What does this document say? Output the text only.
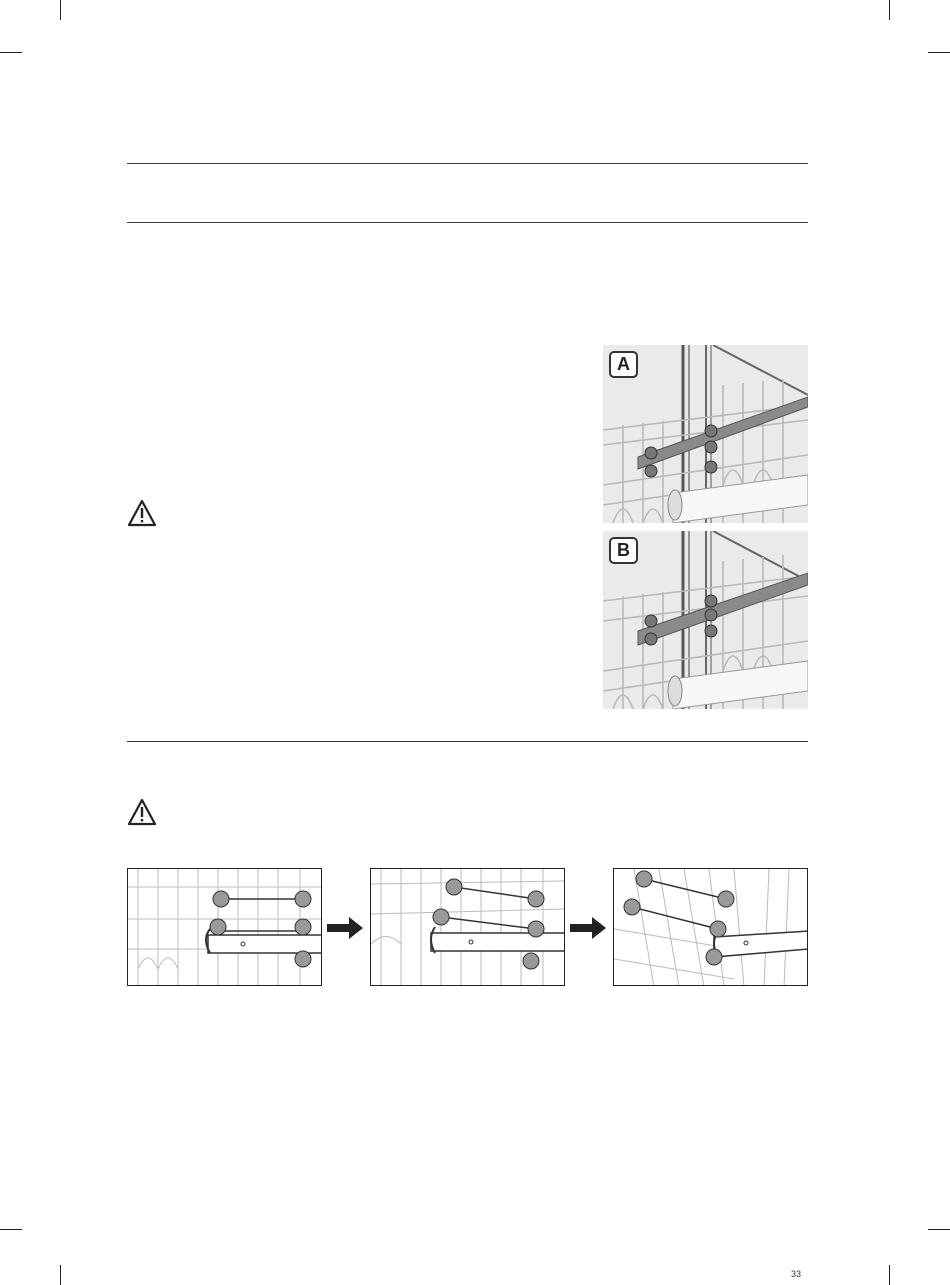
A
B
33
